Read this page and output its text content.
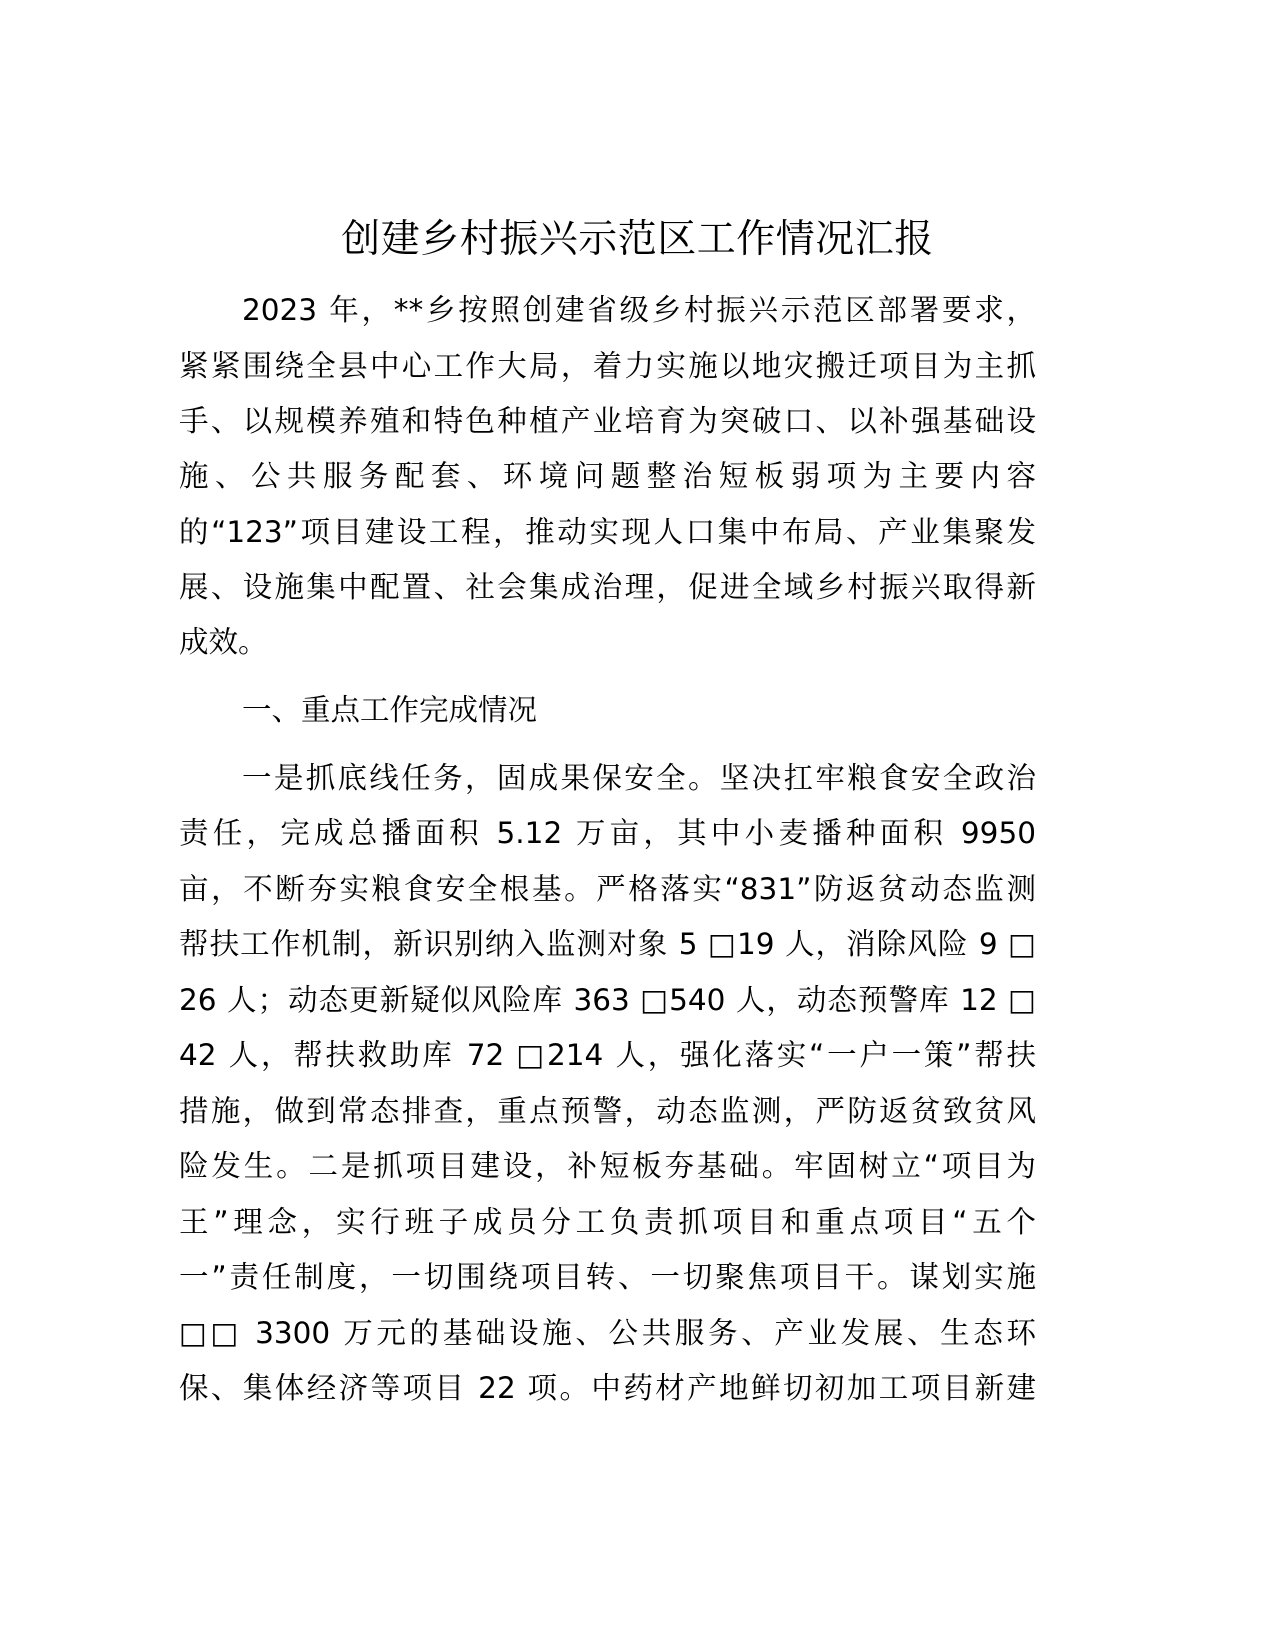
创建乡村振兴示范区工作情况汇报
2023 年，**乡按照创建省级乡村振兴示范区部署要求，
紧紧围绕全县中心工作大局，着力实施以地灾搬迁项目为主抓
手、以规模养殖和特色种植产业培育为突破口、以补强基础设
施、公共服务配套、环境问题整治短板弱项为主要内容
的“123”项目建设工程，推动实现人口集中布局、产业集聚发
展、设施集中配置、社会集成治理，促进全域乡村振兴取得新
成效。
一、重点工作完成情况
一是抓底线任务，固成果保安全。坚决扛牢粮食安全政治
责任，完成总播面积 5.12 万亩，其中小麦播种面积 9950
亩，不断夯实粮食安全根基。严格落实“831”防返贫动态监测
帮扶工作机制，新识别纳入监测对象 5 □19 人，消除风险 9 □
26 人；动态更新疑似风险库 363 □540 人，动态预警库 12 □
42 人，帮扶救助库 72 □214 人，强化落实“一户一策”帮扶
措施，做到常态排查，重点预警，动态监测，严防返贫致贫风
险发生。二是抓项目建设，补短板夯基础。牢固树立“项目为
王”理念，实行班子成员分工负责抓项目和重点项目“五个
一”责任制度，一切围绕项目转、一切聚焦项目干。谋划实施
□□ 3300 万元的基础设施、公共服务、产业发展、生态环
保、集体经济等项目 22 项。中药材产地鲜切初加工项目新建
